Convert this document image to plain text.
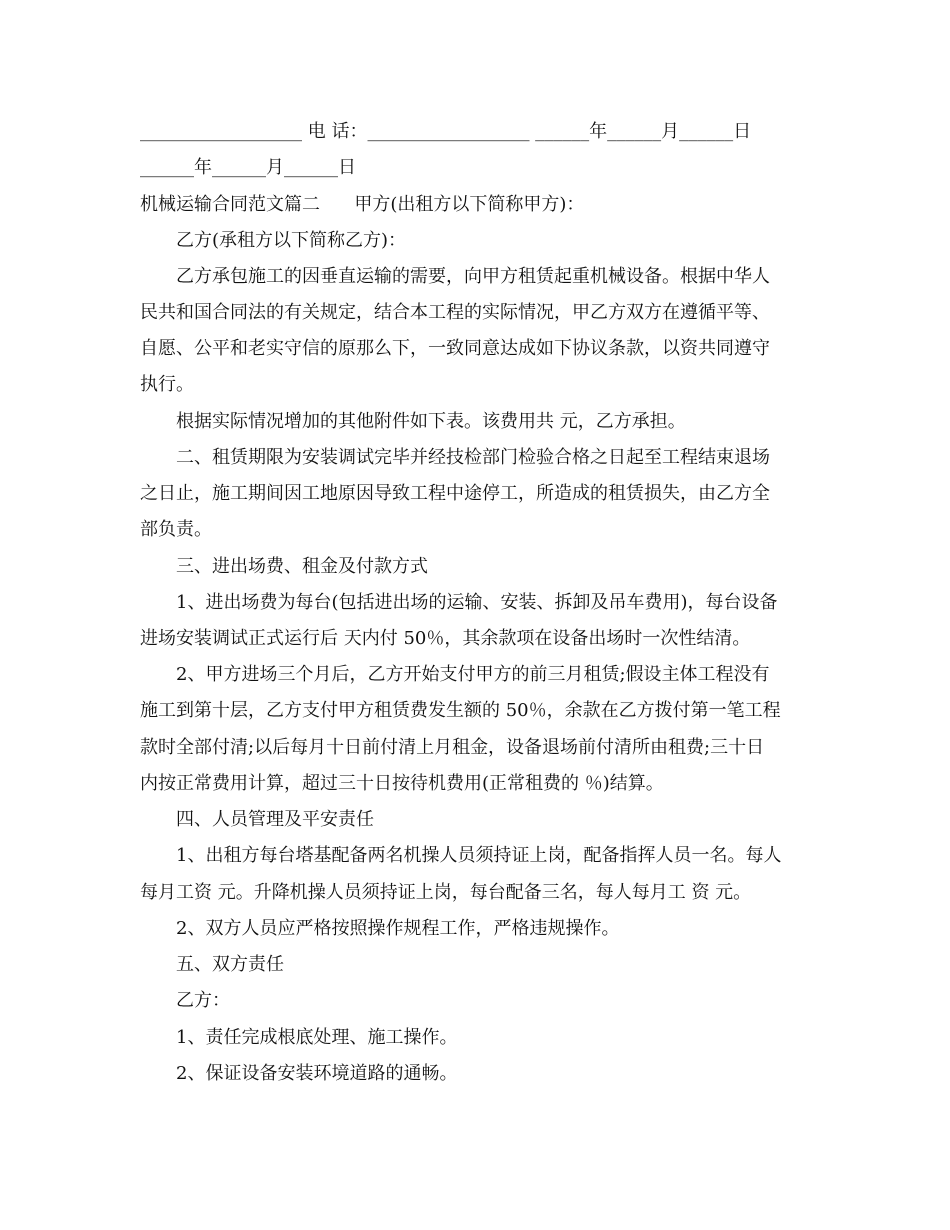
__________________ 电 话：__________________ ______年______月______日
______年______月______日
机械运输合同范文篇二      甲方(出租方以下简称甲方)：
乙方(承租方以下简称乙方)：
乙方承包施工的因垂直运输的需要，向甲方租赁起重机械设备。根据中华人
民共和国合同法的有关规定，结合本工程的实际情况，甲乙方双方在遵循平等、
自愿、公平和老实守信的原那么下，一致同意达成如下协议条款，以资共同遵守
执行。
根据实际情况增加的其他附件如下表。该费用共 元，乙方承担。
二、租赁期限为安装调试完毕并经技检部门检验合格之日起至工程结束退场
之日止，施工期间因工地原因导致工程中途停工，所造成的租赁损失，由乙方全
部负责。
三、进出场费、租金及付款方式
1、进出场费为每台(包括进出场的运输、安装、拆卸及吊车费用)，每台设备
进场安装调试正式运行后 天内付 50％，其余款项在设备出场时一次性结清。
2、甲方进场三个月后，乙方开始支付甲方的前三月租赁;假设主体工程没有
施工到第十层，乙方支付甲方租赁费发生额的 50％，余款在乙方拨付第一笔工程
款时全部付清;以后每月十日前付清上月租金，设备退场前付清所由租费;三十日
内按正常费用计算，超过三十日按待机费用(正常租费的 ％)结算。
四、人员管理及平安责任
1、出租方每台塔基配备两名机操人员须持证上岗，配备指挥人员一名。每人
每月工资 元。升降机操人员须持证上岗，每台配备三名，每人每月工 资 元。
2、双方人员应严格按照操作规程工作，严格违规操作。
五、双方责任
乙方：
1、责任完成根底处理、施工操作。
2、保证设备安装环境道路的通畅。
